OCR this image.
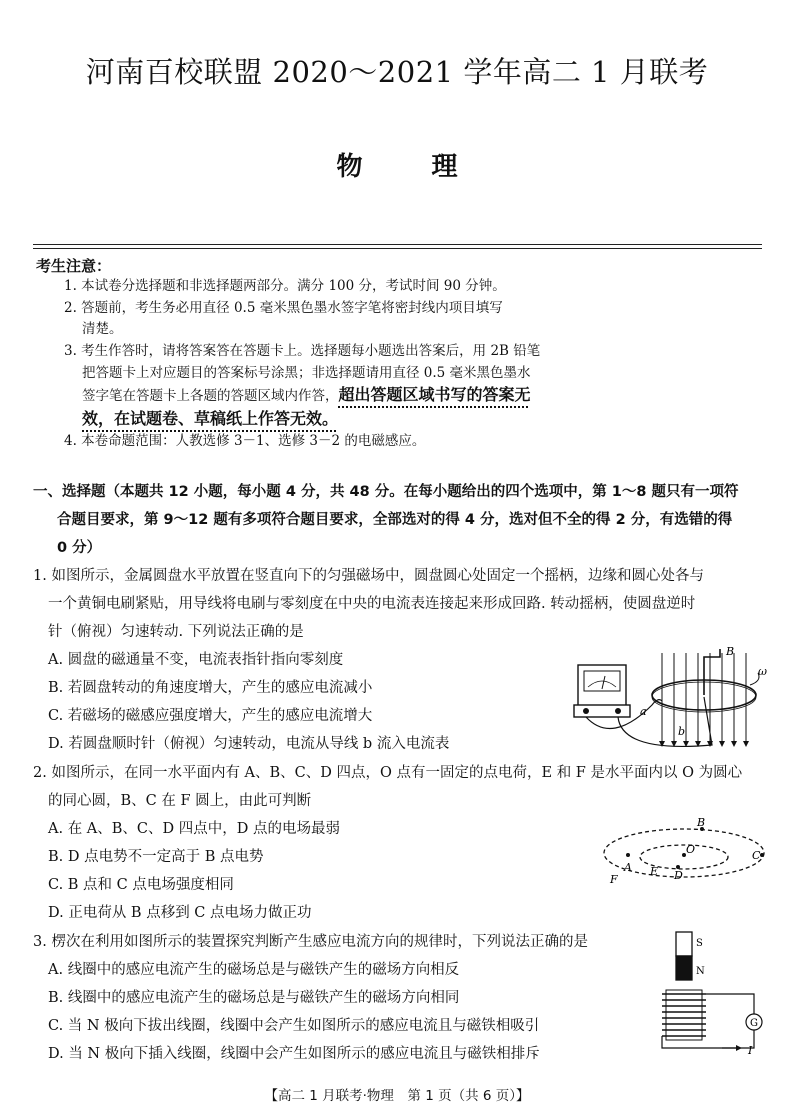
河南百校联盟 2020～2021 学年高二 1 月联考
物 理
考生注意：
1. 本试卷分选择题和非选择题两部分。满分 100 分，考试时间 90 分钟。
2. 答题前，考生务必用直径 0.5 毫米黑色墨水签字笔将密封线内项目填写
清楚。
3. 考生作答时，请将答案答在答题卡上。选择题每小题选出答案后，用 2B 铅笔
把答题卡上对应题目的答案标号涂黑；非选择题请用直径 0.5 毫米黑色墨水
签字笔在答题卡上各题的答题区域内作答，超出答题区域书写的答案无
效，在试题卷、草稿纸上作答无效。
4. 本卷命题范围：人教选修 3－1、选修 3－2 的电磁感应。
一、选择题（本题共 12 小题，每小题 4 分，共 48 分。在每小题给出的四个选项中，第 1～8 题只有一项符
合题目要求，第 9～12 题有多项符合题目要求，全部选对的得 4 分，选对但不全的得 2 分，有选错的得
0 分）
1. 如图所示，金属圆盘水平放置在竖直向下的匀强磁场中，圆盘圆心处固定一个摇柄，边缘和圆心处各与
一个黄铜电刷紧贴，用导线将电刷与零刻度在中央的电流表连接起来形成回路. 转动摇柄，使圆盘逆时
针（俯视）匀速转动. 下列说法正确的是
A. 圆盘的磁通量不变，电流表指针指向零刻度
B. 若圆盘转动的角速度增大，产生的感应电流减小
C. 若磁场的磁感应强度增大，产生的感应电流增大
D. 若圆盘顺时针（俯视）匀速转动，电流从导线 b 流入电流表
B
ω
a
b
2. 如图所示，在同一水平面内有 A、B、C、D 四点，O 点有一固定的点电荷，E 和 F 是水平面内以 O 为圆心
的同心圆，B、C 在 F 圆上，由此可判断
A. 在 A、B、C、D 四点中，D 点的电场最弱
B. D 点电势不一定高于 B 点电势
C. B 点和 C 点电场强度相同
D. 正电荷从 B 点移到 C 点电场力做正功
B
O	C
A E D
F
3. 楞次在利用如图所示的装置探究判断产生感应电流方向的规律时，下列说法正确的是
A. 线圈中的感应电流产生的磁场总是与磁铁产生的磁场方向相反
B. 线圈中的感应电流产生的磁场总是与磁铁产生的磁场方向相同
C. 当 N 极向下拔出线圈，线圈中会产生如图所示的感应电流且与磁铁相吸引
D. 当 N 极向下插入线圈，线圈中会产生如图所示的感应电流且与磁铁相排斥
S
N
G
I
【高二 1 月联考·物理　第 1 页（共 6 页）】
